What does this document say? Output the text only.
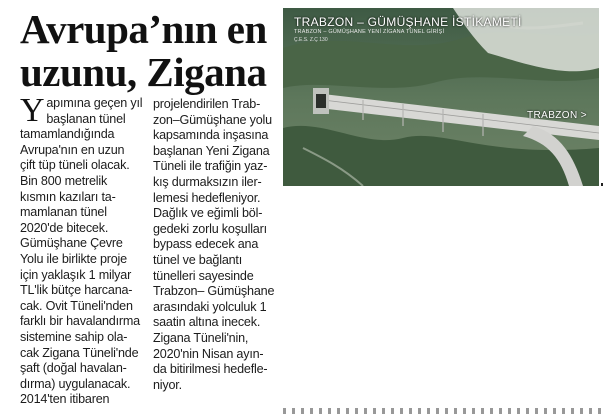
Avrupa’nın en
uzunu, Zigana

Y apımına geçen yıl
başlanan tünel
tamamlandığında
Avrupa'nın en uzun
çift tüp tüneli olacak.
Bin 800 metrelik
kısmın kazıları ta-
mamlanan tünel
2020'de bitecek.
Gümüşhane Çevre
Yolu ile birlikte proje
için yaklaşık 1 milyar
TL'lik bütçe harcana-
cak. Ovit Tüneli'nden
farklı bir havalandırma
sistemine sahip ola-
cak Zigana Tüneli'nde
şaft (doğal havalan-
dırma) uygulanacak.
2014'ten itibaren

projelendirilen Trab-
zon–Gümüşhane yolu
kapsamında inşasına
başlanan Yeni Zigana
Tüneli ile trafiğin yaz-
kış durmaksızın iler-
lemesi hedefleniyor.
Dağlık ve eğimli böl-
gedeki zorlu koşulları
bypass edecek ana
tünel ve bağlantı
tünelleri sayesinde
Trabzon– Gümüşhane
arasındaki yolculuk 1
saatin altına inecek.
Zigana Tüneli'nin,
2020'nin Nisan ayın-
da bitirilmesi hedefle-
niyor.

TRABZON – GÜMÜŞHANE İSTİKAMETİ
TRABZON – GÜMÜŞHANE YENİ ZİGANA TÜNEL GİRİŞİ
Ç.E.S. Z.Ç 130
TRABZON >
